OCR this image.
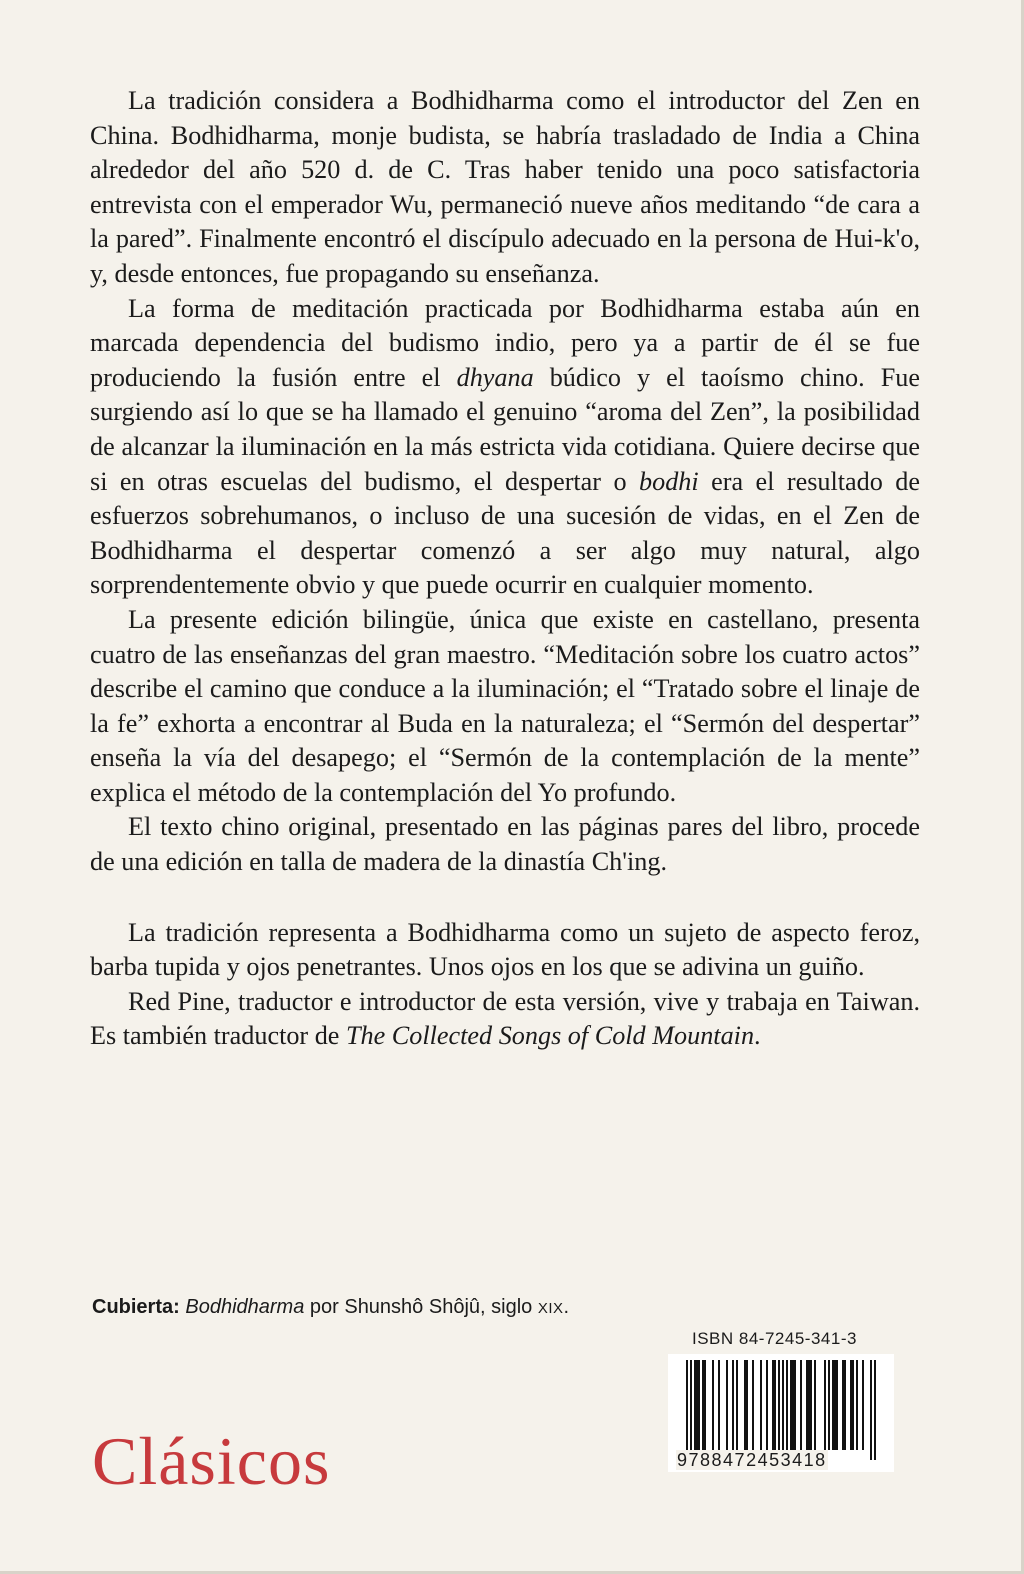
La tradición considera a Bodhidharma como el introductor del Zen en China. Bodhidharma, monje budista, se habría trasladado de India a China alrededor del año 520 d. de C. Tras haber tenido una poco satisfactoria entrevista con el emperador Wu, permaneció nueve años meditando “de cara a la pared”. Finalmente encontró el discípulo adecuado en la persona de Hui-k'o, y, desde entonces, fue propagando su enseñanza.

La forma de meditación practicada por Bodhidharma estaba aún en marcada dependencia del budismo indio, pero ya a partir de él se fue produciendo la fusión entre el dhyana búdico y el taoísmo chino. Fue surgiendo así lo que se ha llamado el genuino “aroma del Zen”, la posibilidad de alcanzar la iluminación en la más estricta vida cotidiana. Quiere decirse que si en otras escuelas del budismo, el despertar o bodhi era el resultado de esfuerzos sobrehumanos, o incluso de una sucesión de vidas, en el Zen de Bodhidharma el despertar comenzó a ser algo muy natural, algo sorprendentemente obvio y que puede ocurrir en cualquier momento.

La presente edición bilingüe, única que existe en castellano, presenta cuatro de las enseñanzas del gran maestro. “Meditación sobre los cuatro actos” describe el camino que conduce a la iluminación; el “Tratado sobre el linaje de la fe” exhorta a encontrar al Buda en la naturaleza; el “Sermón del despertar” enseña la vía del desapego; el “Sermón de la contemplación de la mente” explica el método de la contemplación del Yo profundo.

El texto chino original, presentado en las páginas pares del libro, procede de una edición en talla de madera de la dinastía Ch'ing.

La tradición representa a Bodhidharma como un sujeto de aspecto feroz, barba tupida y ojos penetrantes. Unos ojos en los que se adivina un guiño.

Red Pine, traductor e introductor de esta versión, vive y trabaja en Taiwan. Es también traductor de The Collected Songs of Cold Mountain.

Cubierta: Bodhidharma por Shunshô Shôjû, siglo XIX.
ISBN 84-7245-341-3
9788472453418
Clásicos
